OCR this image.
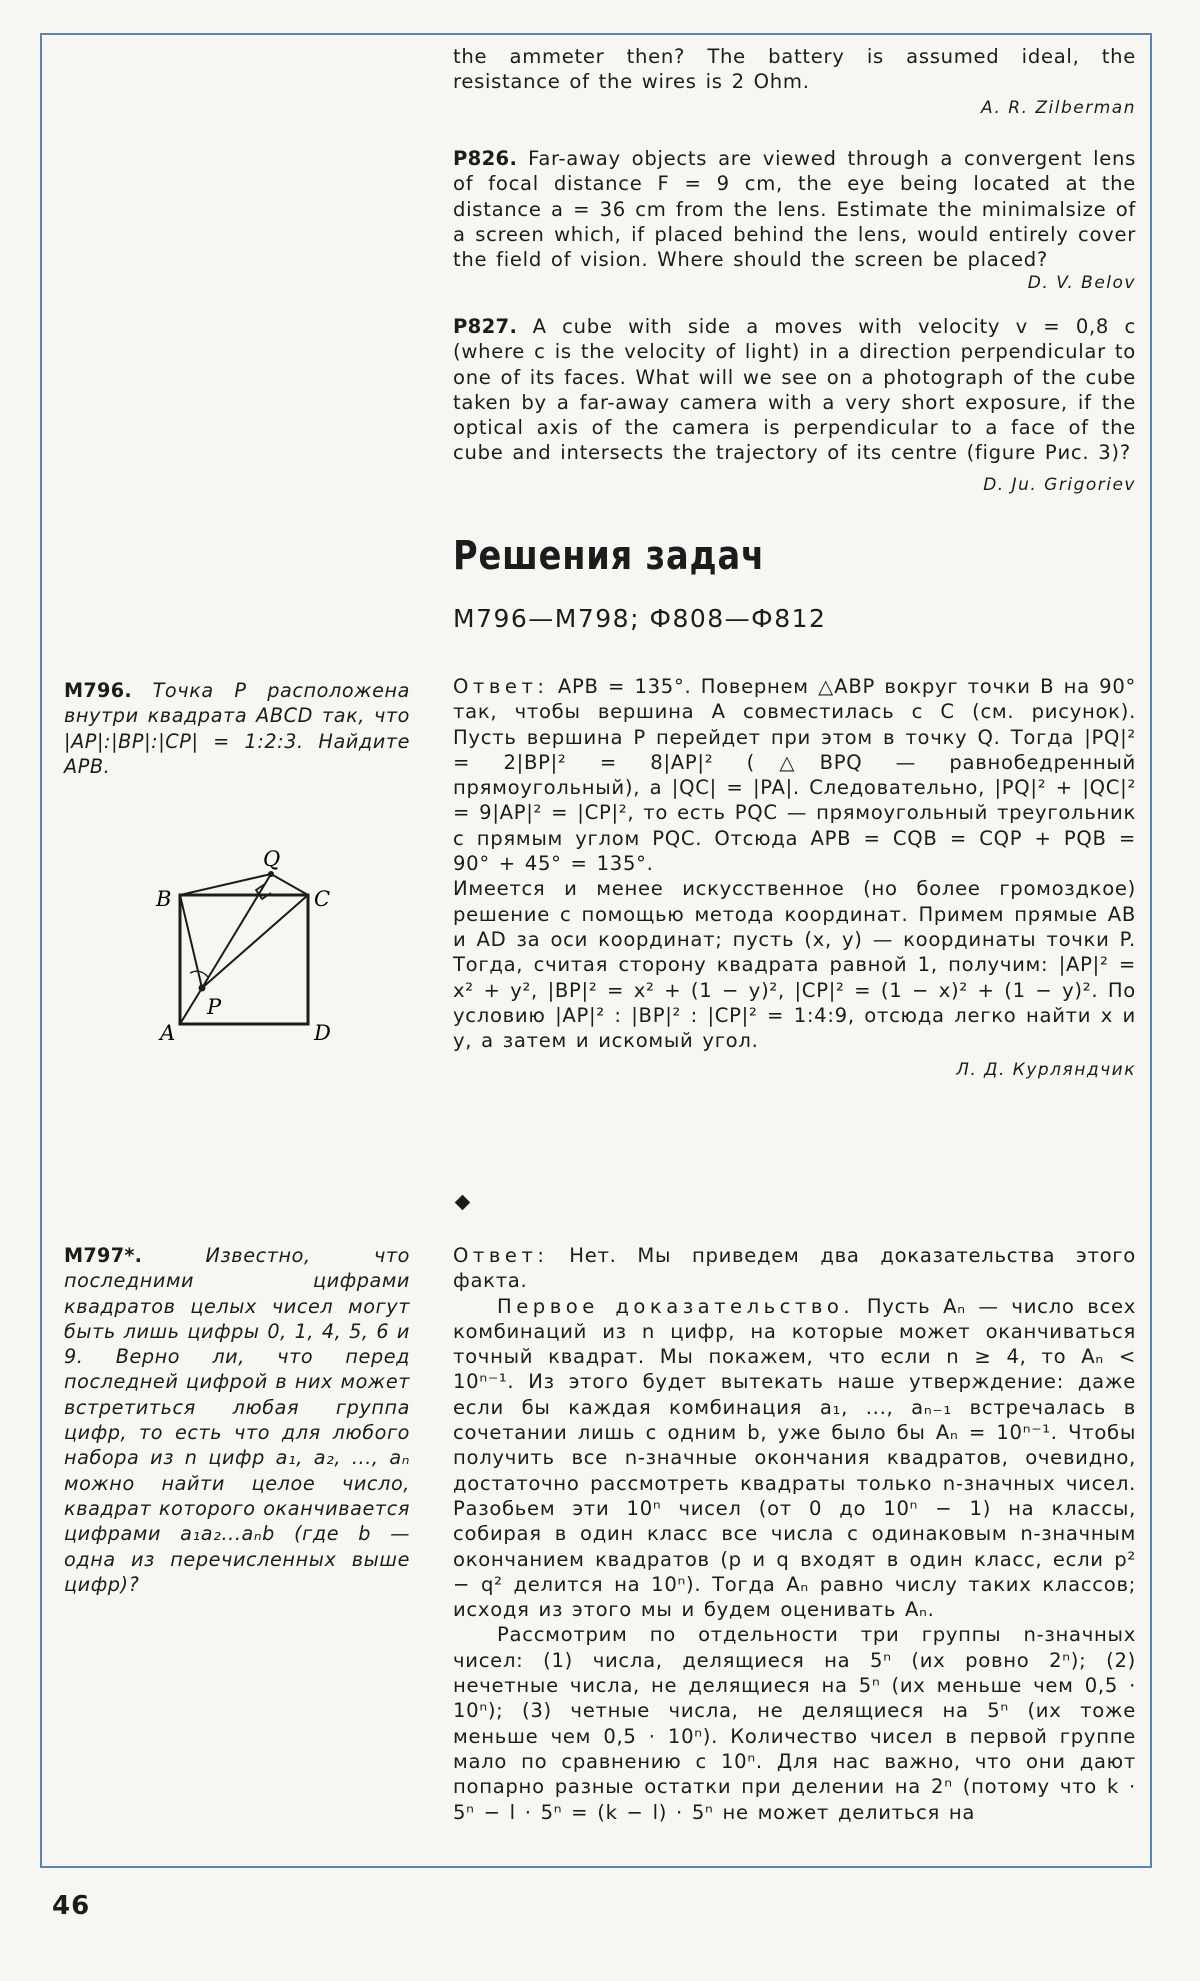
the ammeter then? The battery is assumed ideal, the resistance of the wires is 2 Ohm.

A. R. Zilberman

P826. Far-away objects are viewed through a convergent lens of focal distance F = 9 cm, the eye being located at the distance a = 36 cm from the lens. Estimate the minimalsize of a screen which, if placed behind the lens, would entirely cover the field of vision. Where should the screen be placed?

D. V. Belov

P827. A cube with side a moves with velocity v = 0,8 c (where c is the velocity of light) in a direction perpendicular to one of its faces. What will we see on a photograph of the cube taken by a far-away camera with a very short exposure, if the optical axis of the camera is perpendicular to a face of the cube and intersects the trajectory of its centre (figure Рис. 3)?

D. Ju. Grigoriev
Решения задач
М796—М798; Ф808—Ф812

М796. Точка P расположена внутри квадрата ABCD так, что |AP|:|BP|:|CP| = 1:2:3. Найдите APB.

A
B	C
D
P
Q

Ответ: APB = 135°. Повернем △ABP вокруг точки B на 90° так, чтобы вершина A совместилась с C (см. рисунок). Пусть вершина P перейдет при этом в точку Q. Тогда |PQ|² = 2|BP|² = 8|AP|² (△BPQ — равнобедренный прямоугольный), а |QC| = |PA|. Следовательно, |PQ|² + |QC|² = 9|AP|² = |CP|², то есть PQC — прямоугольный треугольник с прямым углом PQC. Отсюда APB = CQB = CQP + PQB = 90° + 45° = 135°.

Имеется и менее искусственное (но более громоздкое) решение с помощью метода координат. Примем прямые AB и AD за оси координат; пусть (x, y) — координаты точки P. Тогда, считая сторону квадрата равной 1, получим: |AP|² = x² + y², |BP|² = x² + (1 − y)², |CP|² = (1 − x)² + (1 − y)². По условию |AP|² : |BP|² : |CP|² = 1:4:9, отсюда легко найти x и y, а затем и искомый угол.

Л. Д. Курляндчик

М797*.	Известно, что последними цифрами квадратов целых чисел могут быть лишь цифры 0, 1, 4, 5, 6 и 9. Верно ли, что перед последней цифрой в них может встретиться любая группа цифр, то есть что для любого набора из n цифр a₁, a₂, ..., aₙ можно найти целое число, квадрат которого оканчивается цифрами a₁a₂...aₙb (где b — одна из перечисленных выше цифр)?

Ответ: Нет. Мы приведем два доказательства этого факта.

Первое доказательство. Пусть Aₙ — число всех комбинаций из n цифр, на которые может оканчиваться точный квадрат. Мы покажем, что если n ≥ 4, то Aₙ < 10ⁿ⁻¹. Из этого будет вытекать наше утверждение: даже если бы каждая комбинация a₁, ..., aₙ₋₁ встречалась в сочетании лишь с одним b, уже было бы Aₙ = 10ⁿ⁻¹. Чтобы получить все n-значные окончания квадратов, очевидно, достаточно рассмотреть квадраты только n-значных чисел. Разобьем эти 10ⁿ чисел (от 0 до 10ⁿ − 1) на классы, собирая в один класс все числа с одинаковым n-значным окончанием квадратов (p и q входят в один класс, если p² − q² делится на 10ⁿ). Тогда Aₙ равно числу таких классов; исходя из этого мы и будем оценивать Aₙ.

Рассмотрим по отдельности три группы n-значных чисел: (1) числа, делящиеся на 5ⁿ (их ровно 2ⁿ); (2) нечетные числа, не делящиеся на 5ⁿ (их меньше чем 0,5 · 10ⁿ); (3) четные числа, не делящиеся на 5ⁿ (их тоже меньше чем 0,5 · 10ⁿ). Количество чисел в первой группе мало по сравнению с 10ⁿ. Для нас важно, что они дают попарно разные остатки при делении на 2ⁿ (потому что k · 5ⁿ − l · 5ⁿ = (k − l) · 5ⁿ не может делиться на

46
